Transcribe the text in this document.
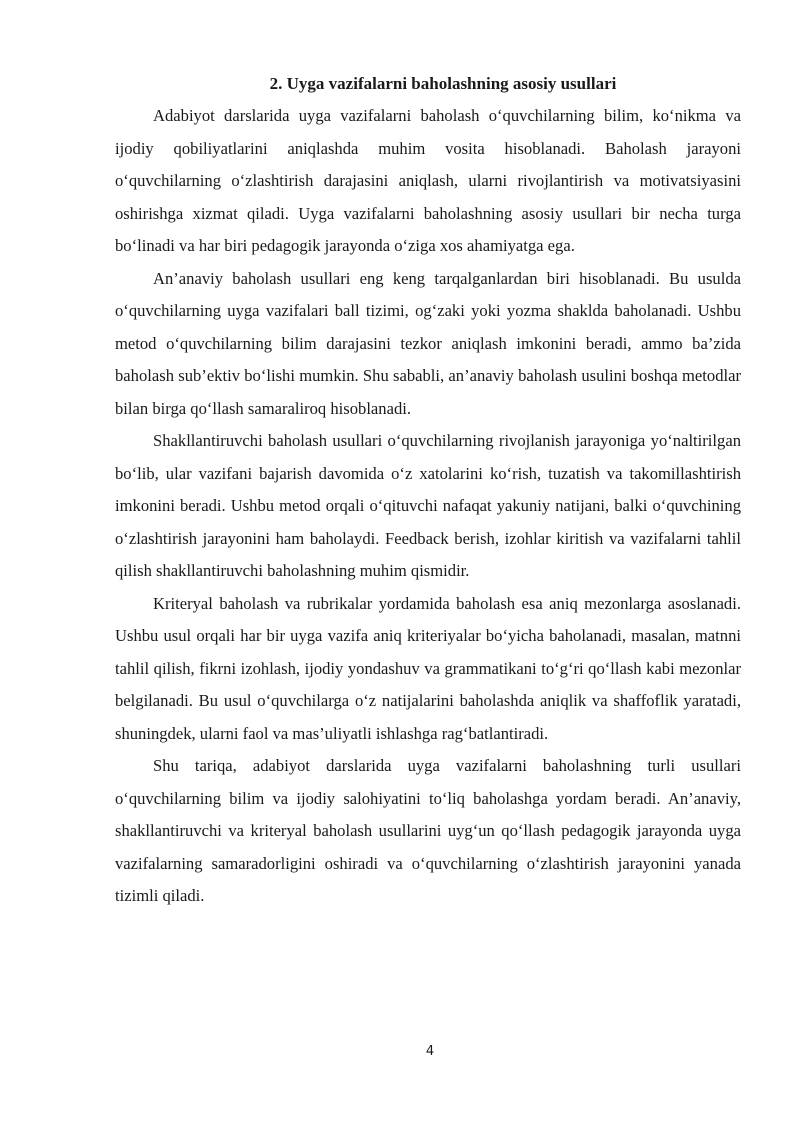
2. Uyga vazifalarni baholashning asosiy usullari

Adabiyot darslarida uyga vazifalarni baholash o‘quvchilarning bilim, ko‘nikma va ijodiy qobiliyatlarini aniqlashda muhim vosita hisoblanadi. Baholash jarayoni o‘quvchilarning o‘zlashtirish darajasini aniqlash, ularni rivojlantirish va motivatsiyasini oshirishga xizmat qiladi. Uyga vazifalarni baholashning asosiy usullari bir necha turga bo‘linadi va har biri pedagogik jarayonda o‘ziga xos ahamiyatga ega.

An’anaviy baholash usullari eng keng tarqalganlardan biri hisoblanadi. Bu usulda o‘quvchilarning uyga vazifalari ball tizimi, og‘zaki yoki yozma shaklda baholanadi. Ushbu metod o‘quvchilarning bilim darajasini tezkor aniqlash imkonini beradi, ammo ba’zida baholash sub’ektiv bo‘lishi mumkin. Shu sababli, an’anaviy baholash usulini boshqa metodlar bilan birga qo‘llash samaraliroq hisoblanadi.

Shakllantiruvchi baholash usullari o‘quvchilarning rivojlanish jarayoniga yo‘naltirilgan bo‘lib, ular vazifani bajarish davomida o‘z xatolarini ko‘rish, tuzatish va takomillashtirish imkonini beradi. Ushbu metod orqali o‘qituvchi nafaqat yakuniy natijani, balki o‘quvchining o‘zlashtirish jarayonini ham baholaydi. Feedback berish, izohlar kiritish va vazifalarni tahlil qilish shakllantiruvchi baholashning muhim qismidir.

Kriteryal baholash va rubrikalar yordamida baholash esa aniq mezonlarga asoslanadi. Ushbu usul orqali har bir uyga vazifa aniq kriteriyalar bo‘yicha baholanadi, masalan, matnni tahlil qilish, fikrni izohlash, ijodiy yondashuv va grammatikani to‘g‘ri qo‘llash kabi mezonlar belgilanadi. Bu usul o‘quvchilarga o‘z natijalarini baholashda aniqlik va shaffoflik yaratadi, shuningdek, ularni faol va mas’uliyatli ishlashga rag‘batlantiradi.

Shu tariqa, adabiyot darslarida uyga vazifalarni baholashning turli usullari o‘quvchilarning bilim va ijodiy salohiyatini to‘liq baholashga yordam beradi. An’anaviy, shakllantiruvchi va kriteryal baholash usullarini uyg‘un qo‘llash pedagogik jarayonda uyga vazifalarning samaradorligini oshiradi va o‘quvchilarning o‘zlashtirish jarayonini yanada tizimli qiladi.

4
